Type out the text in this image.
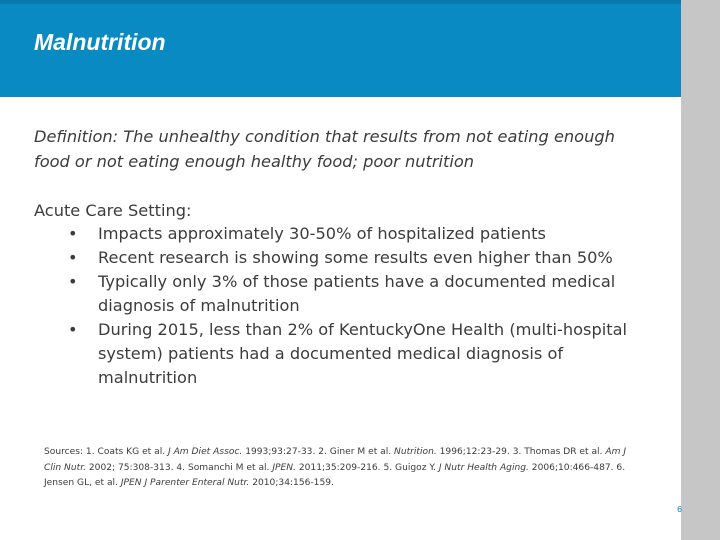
Malnutrition
Definition: The unhealthy condition that results from not eating enough food or not eating enough healthy food; poor nutrition
Acute Care Setting:
• Impacts approximately 30-50% of hospitalized patients
• Recent research is showing some results even higher than 50%
• Typically only 3% of those patients have a documented medical diagnosis of malnutrition
• During 2015, less than 2% of KentuckyOne Health (multi-hospital system) patients had a documented medical diagnosis of malnutrition
Sources: 1. Coats KG et al. J Am Diet Assoc. 1993;93:27-33. 2. Giner M et al. Nutrition. 1996;12:23-29. 3. Thomas DR et al. Am J Clin Nutr. 2002; 75:308-313. 4. Somanchi M et al. JPEN. 2011;35:209-216. 5. Guigoz Y. J Nutr Health Aging. 2006;10:466-487. 6. Jensen GL, et al. JPEN J Parenter Enteral Nutr. 2010;34:156-159.
6
